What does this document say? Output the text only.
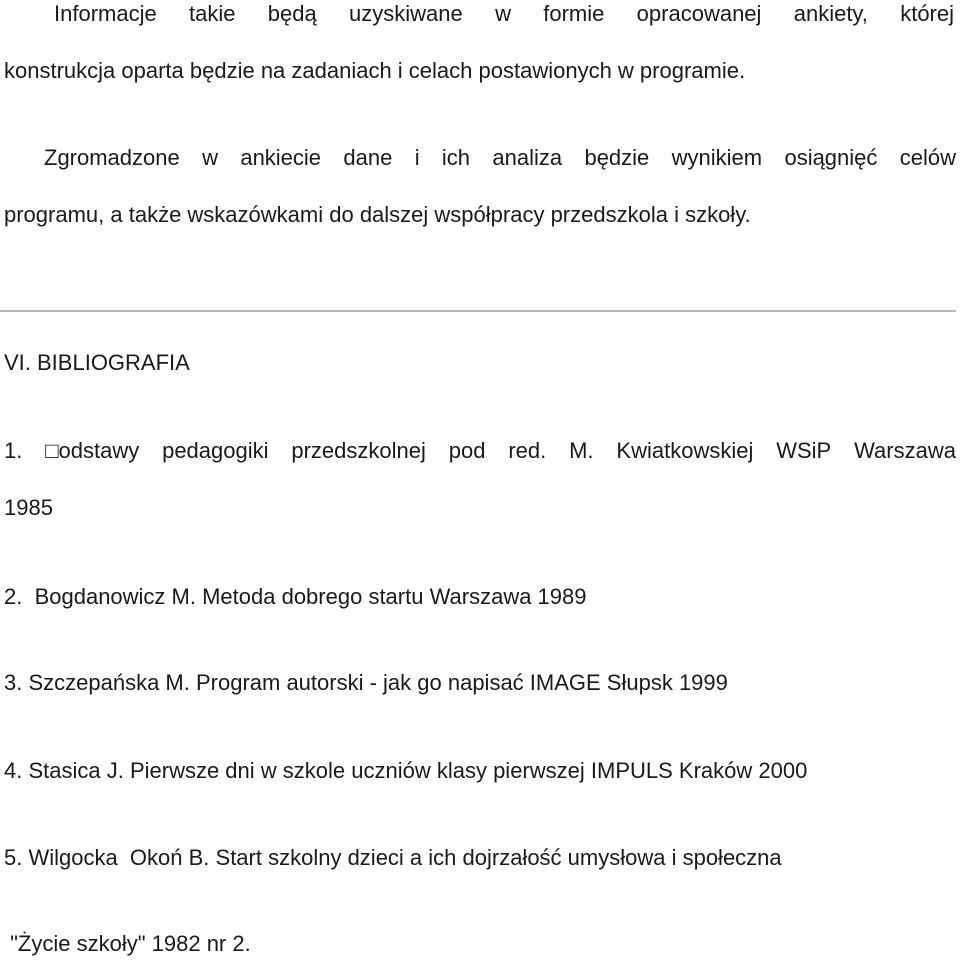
Informacje takie będą uzyskiwane w formie opracowanej ankiety, której
konstrukcja oparta będzie na zadaniach i celach postawionych w programie.
Zgromadzone w ankiecie dane i ich analiza będzie wynikiem osiągnięć celów
programu, a także wskazówkami do dalszej współpracy przedszkola i szkoły.
VI. BIBLIOGRAFIA
1. □odstawy pedagogiki przedszkolnej pod red. M. Kwiatkowskiej WSiP Warszawa
1985
2.  Bogdanowicz M. Metoda dobrego startu Warszawa 1989
3. Szczepańska M. Program autorski - jak go napisać IMAGE Słupsk 1999
4. Stasica J. Pierwsze dni w szkole uczniów klasy pierwszej IMPULS Kraków 2000
5. Wilgocka  Okoń B. Start szkolny dzieci a ich dojrzałość umysłowa i społeczna
"Życie szkoły" 1982 nr 2.
